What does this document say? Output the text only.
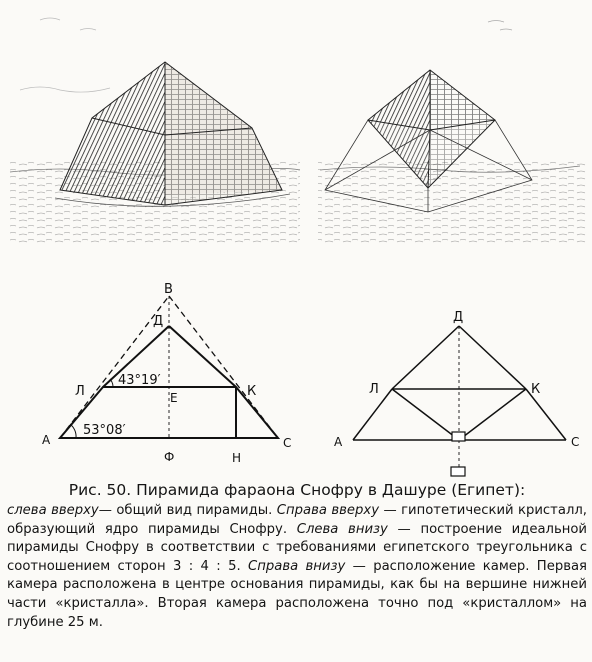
В
Д
Л	К
Е
А	С
Ф	Н
43°19′
53°08′
Д
Л	К
А	С
Рис. 50. Пирамида фараона Снофру в Дашуре (Египет):

слева вверху— общий вид пирамиды. Справа вверху — гипотетический кристалл, образующий ядро пирамиды Снофру. Слева внизу — построение идеальной пирамиды Снофру в соответствии с требованиями египетского треугольника с соотношением сторон 3 : 4 : 5. Справа внизу — расположение камер. Первая камера расположена в центре основания пирамиды, как бы на вершине нижней части «кристалла». Вторая камера расположена точно под «кристаллом» на глубине 25 м.
